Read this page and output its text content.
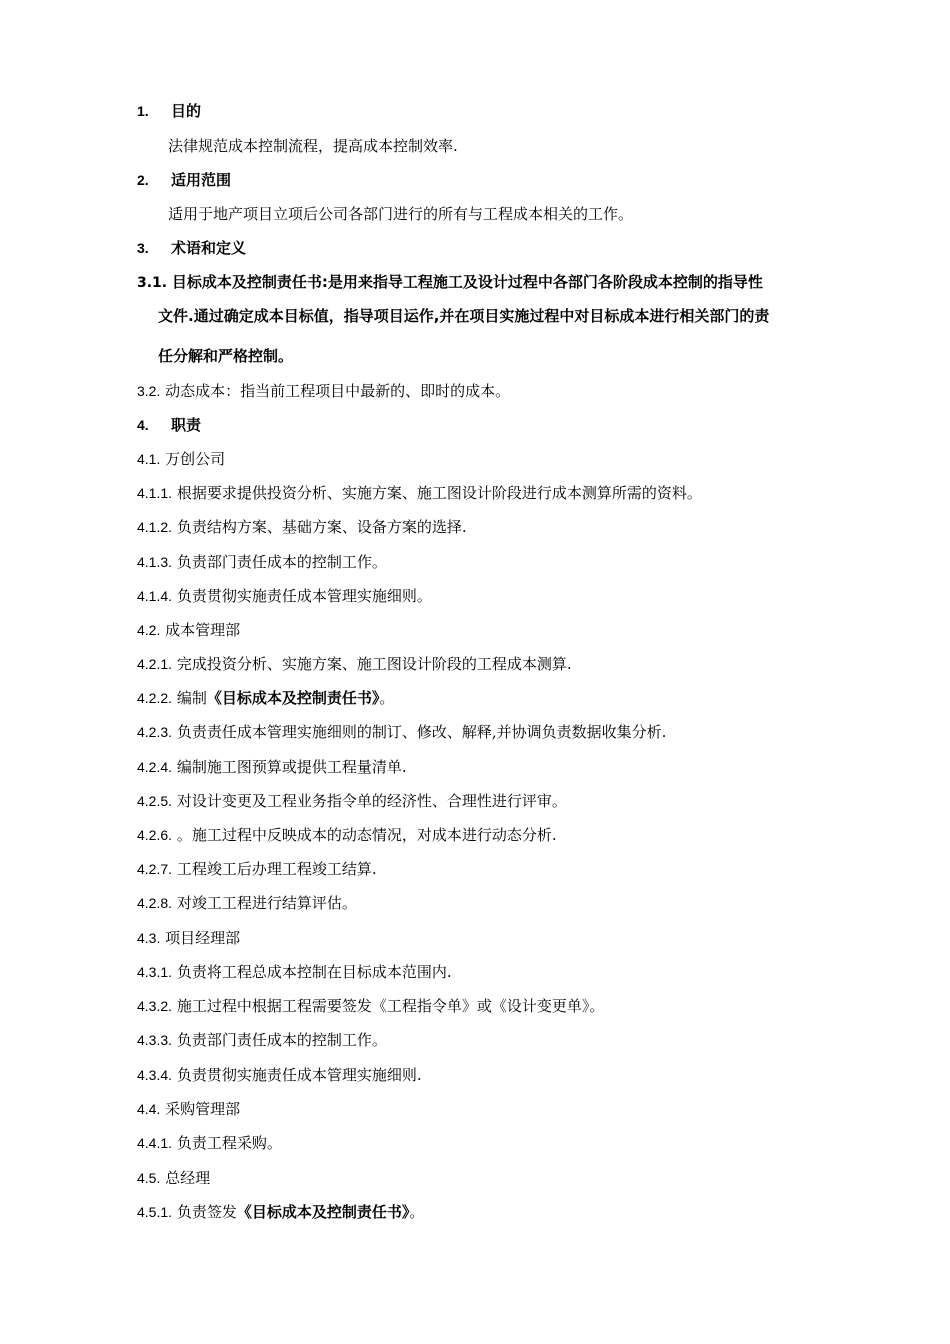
1. 目的
法律规范成本控制流程，提高成本控制效率.
2. 适用范围
适用于地产项目立项后公司各部门进行的所有与工程成本相关的工作。
3. 术语和定义
3.1. 目标成本及控制责任书:是用来指导工程施工及设计过程中各部门各阶段成本控制的指导性
文件.通过确定成本目标值，指导项目运作,并在项目实施过程中对目标成本进行相关部门的责
任分解和严格控制。
3.2. 动态成本：指当前工程项目中最新的、即时的成本。
4. 职责
4.1. 万创公司
4.1.1. 根据要求提供投资分析、实施方案、施工图设计阶段进行成本测算所需的资料。
4.1.2. 负责结构方案、基础方案、设备方案的选择.
4.1.3. 负责部门责任成本的控制工作。
4.1.4. 负责贯彻实施责任成本管理实施细则。
4.2. 成本管理部
4.2.1. 完成投资分析、实施方案、施工图设计阶段的工程成本测算.
4.2.2. 编制《目标成本及控制责任书》。
4.2.3. 负责责任成本管理实施细则的制订、修改、解释,并协调负责数据收集分析.
4.2.4. 编制施工图预算或提供工程量清单.
4.2.5. 对设计变更及工程业务指令单的经济性、合理性进行评审。
4.2.6. 。施工过程中反映成本的动态情况，对成本进行动态分析.
4.2.7. 工程竣工后办理工程竣工结算.
4.2.8. 对竣工工程进行结算评估。
4.3. 项目经理部
4.3.1. 负责将工程总成本控制在目标成本范围内.
4.3.2. 施工过程中根据工程需要签发《工程指令单》或《设计变更单》。
4.3.3. 负责部门责任成本的控制工作。
4.3.4. 负责贯彻实施责任成本管理实施细则.
4.4. 采购管理部
4.4.1. 负责工程采购。
4.5. 总经理
4.5.1. 负责签发《目标成本及控制责任书》。
